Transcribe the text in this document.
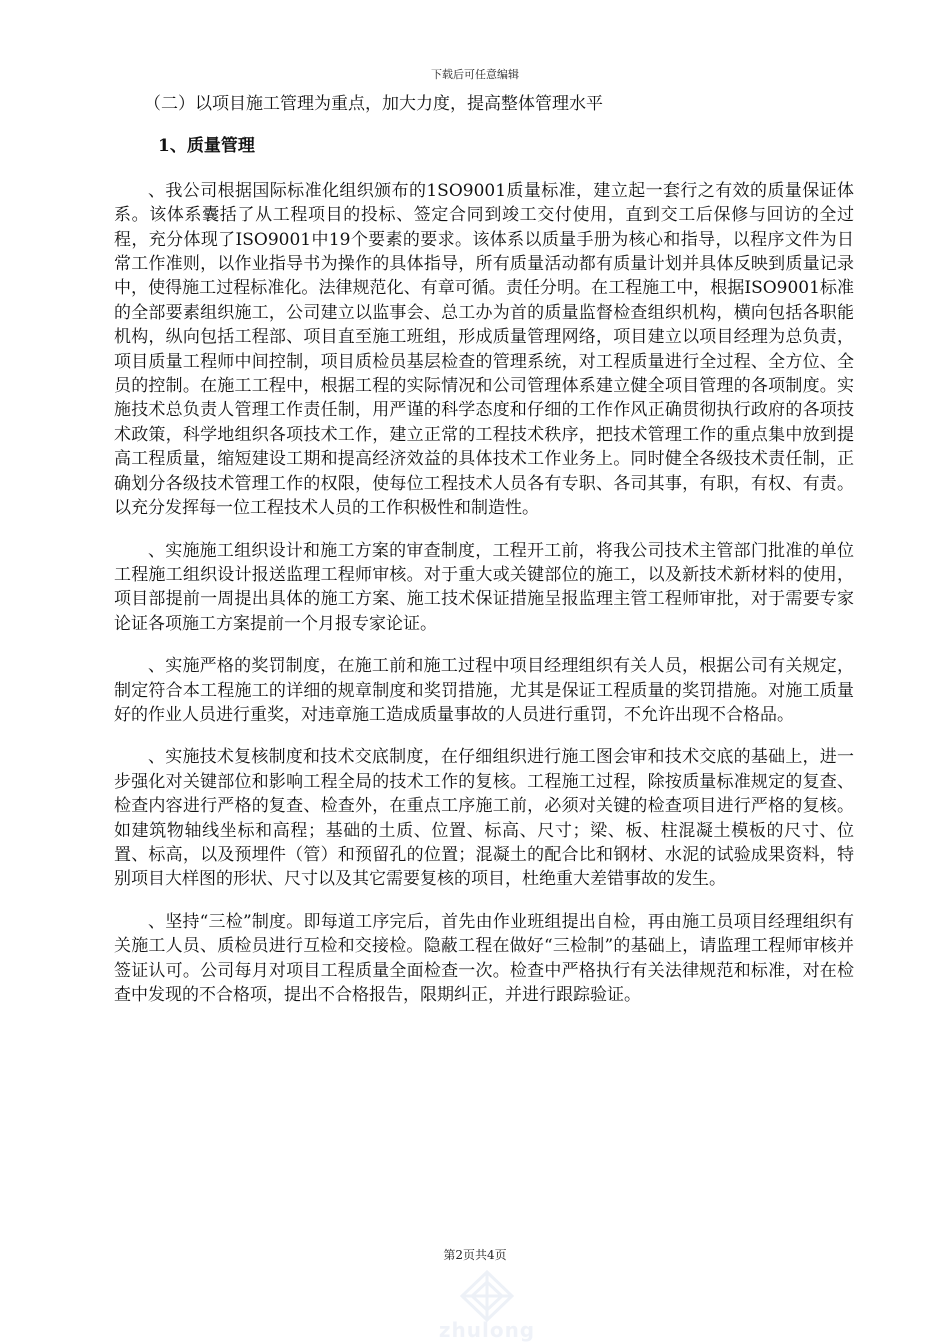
下载后可任意编辑
（二）以项目施工管理为重点，加大力度，提高整体管理水平
1、质量管理

、我公司根据国际标准化组织颁布的1SO9001质量标准，建立起一套行之有效的质量保证体系。该体系囊括了从工程项目的投标、签定合同到竣工交付使用，直到交工后保修与回访的全过程，充分体现了ISO9001中19个要素的要求。该体系以质量手册为核心和指导，以程序文件为日常工作准则，以作业指导书为操作的具体指导，所有质量活动都有质量计划并具体反映到质量记录中，使得施工过程标准化。法律规范化、有章可循。责任分明。在工程施工中，根据ISO9001标准的全部要素组织施工，公司建立以监事会、总工办为首的质量监督检查组织机构，横向包括各职能机构，纵向包括工程部、项目直至施工班组，形成质量管理网络，项目建立以项目经理为总负责，项目质量工程师中间控制，项目质检员基层检查的管理系统，对工程质量进行全过程、全方位、全员的控制。在施工工程中，根据工程的实际情况和公司管理体系建立健全项目管理的各项制度。实施技术总负责人管理工作责任制，用严谨的科学态度和仔细的工作作风正确贯彻执行政府的各项技术政策，科学地组织各项技术工作，建立正常的工程技术秩序，把技术管理工作的重点集中放到提高工程质量，缩短建设工期和提高经济效益的具体技术工作业务上。同时健全各级技术责任制，正确划分各级技术管理工作的权限，使每位工程技术人员各有专职、各司其事，有职，有权、有责。以充分发挥每一位工程技术人员的工作积极性和制造性。

、实施施工组织设计和施工方案的审查制度，工程开工前，将我公司技术主管部门批准的单位工程施工组织设计报送监理工程师审核。对于重大或关键部位的施工，以及新技术新材料的使用，项目部提前一周提出具体的施工方案、施工技术保证措施呈报监理主管工程师审批，对于需要专家论证各项施工方案提前一个月报专家论证。

、实施严格的奖罚制度，在施工前和施工过程中项目经理组织有关人员，根据公司有关规定，制定符合本工程施工的详细的规章制度和奖罚措施，尤其是保证工程质量的奖罚措施。对施工质量好的作业人员进行重奖，对违章施工造成质量事故的人员进行重罚，不允许出现不合格品。

、实施技术复核制度和技术交底制度，在仔细组织进行施工图会审和技术交底的基础上，进一步强化对关键部位和影响工程全局的技术工作的复核。工程施工过程，除按质量标准规定的复查、检查内容进行严格的复查、检查外，在重点工序施工前，必须对关键的检查项目进行严格的复核。如建筑物轴线坐标和高程；基础的土质、位置、标高、尺寸；梁、板、柱混凝土模板的尺寸、位置、标高，以及预埋件（管）和预留孔的位置；混凝土的配合比和钢材、水泥的试验成果资料，特别项目大样图的形状、尺寸以及其它需要复核的项目，杜绝重大差错事故的发生。

、坚持“三检”制度。即每道工序完后，首先由作业班组提出自检，再由施工员项目经理组织有关施工人员、质检员进行互检和交接检。隐蔽工程在做好“三检制”的基础上，请监理工程师审核并签证认可。公司每月对项目工程质量全面检查一次。检查中严格执行有关法律规范和标准，对在检查中发现的不合格项，提出不合格报告，限期纠正，并进行跟踪验证。

第2页共4页
zhulong
